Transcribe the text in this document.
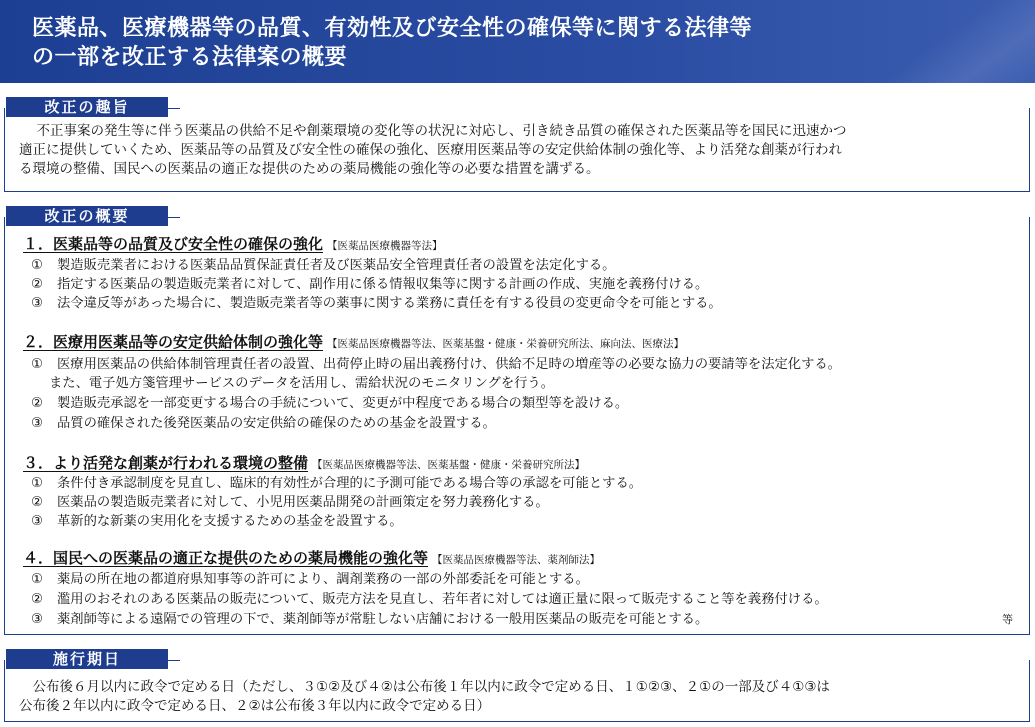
医薬品、医療機器等の品質、有効性及び安全性の確保等に関する法律等
の一部を改正する法律案の概要
改正の趣旨
　不正事案の発生等に伴う医薬品の供給不足や創薬環境の変化等の状況に対応し、引き続き品質の確保された医薬品等を国民に迅速かつ
適正に提供していくため、医薬品等の品質及び安全性の確保の強化、医療用医薬品等の安定供給体制の強化等、より活発な創薬が行われ
る環境の整備、国民への医薬品の適正な提供のための薬局機能の強化等の必要な措置を講ずる。
改正の概要
１．医薬品等の品質及び安全性の確保の強化 【医薬品医療機器等法】
① 製造販売業者における医薬品品質保証責任者及び医薬品安全管理責任者の設置を法定化する。
② 指定する医薬品の製造販売業者に対して、副作用に係る情報収集等に関する計画の作成、実施を義務付ける。
③ 法令違反等があった場合に、製造販売業者等の薬事に関する業務に責任を有する役員の変更命令を可能とする。
２．医療用医薬品等の安定供給体制の強化等 【医薬品医療機器等法、医薬基盤・健康・栄養研究所法、麻向法、医療法】
① 医療用医薬品の供給体制管理責任者の設置、出荷停止時の届出義務付け、供給不足時の増産等の必要な協力の要請等を法定化する。
また、電子処方箋管理サービスのデータを活用し、需給状況のモニタリングを行う。
② 製造販売承認を一部変更する場合の手続について、変更が中程度である場合の類型等を設ける。
③ 品質の確保された後発医薬品の安定供給の確保のための基金を設置する。
３．より活発な創薬が行われる環境の整備 【医薬品医療機器等法、医薬基盤・健康・栄養研究所法】
① 条件付き承認制度を見直し、臨床的有効性が合理的に予測可能である場合等の承認を可能とする。
② 医薬品の製造販売業者に対して、小児用医薬品開発の計画策定を努力義務化する。
③ 革新的な新薬の実用化を支援するための基金を設置する。
４．国民への医薬品の適正な提供のための薬局機能の強化等 【医薬品医療機器等法、薬剤師法】
① 薬局の所在地の都道府県知事等の許可により、調剤業務の一部の外部委託を可能とする。
② 濫用のおそれのある医薬品の販売について、販売方法を見直し、若年者に対しては適正量に限って販売すること等を義務付ける。
③ 薬剤師等による遠隔での管理の下で、薬剤師等が常駐しない店舗における一般用医薬品の販売を可能とする。	等
施行期日
　公布後６月以内に政令で定める日（ただし、３①②及び４②は公布後１年以内に政令で定める日、１①②③、２①の一部及び４①③は
公布後２年以内に政令で定める日、２②は公布後３年以内に政令で定める日）
